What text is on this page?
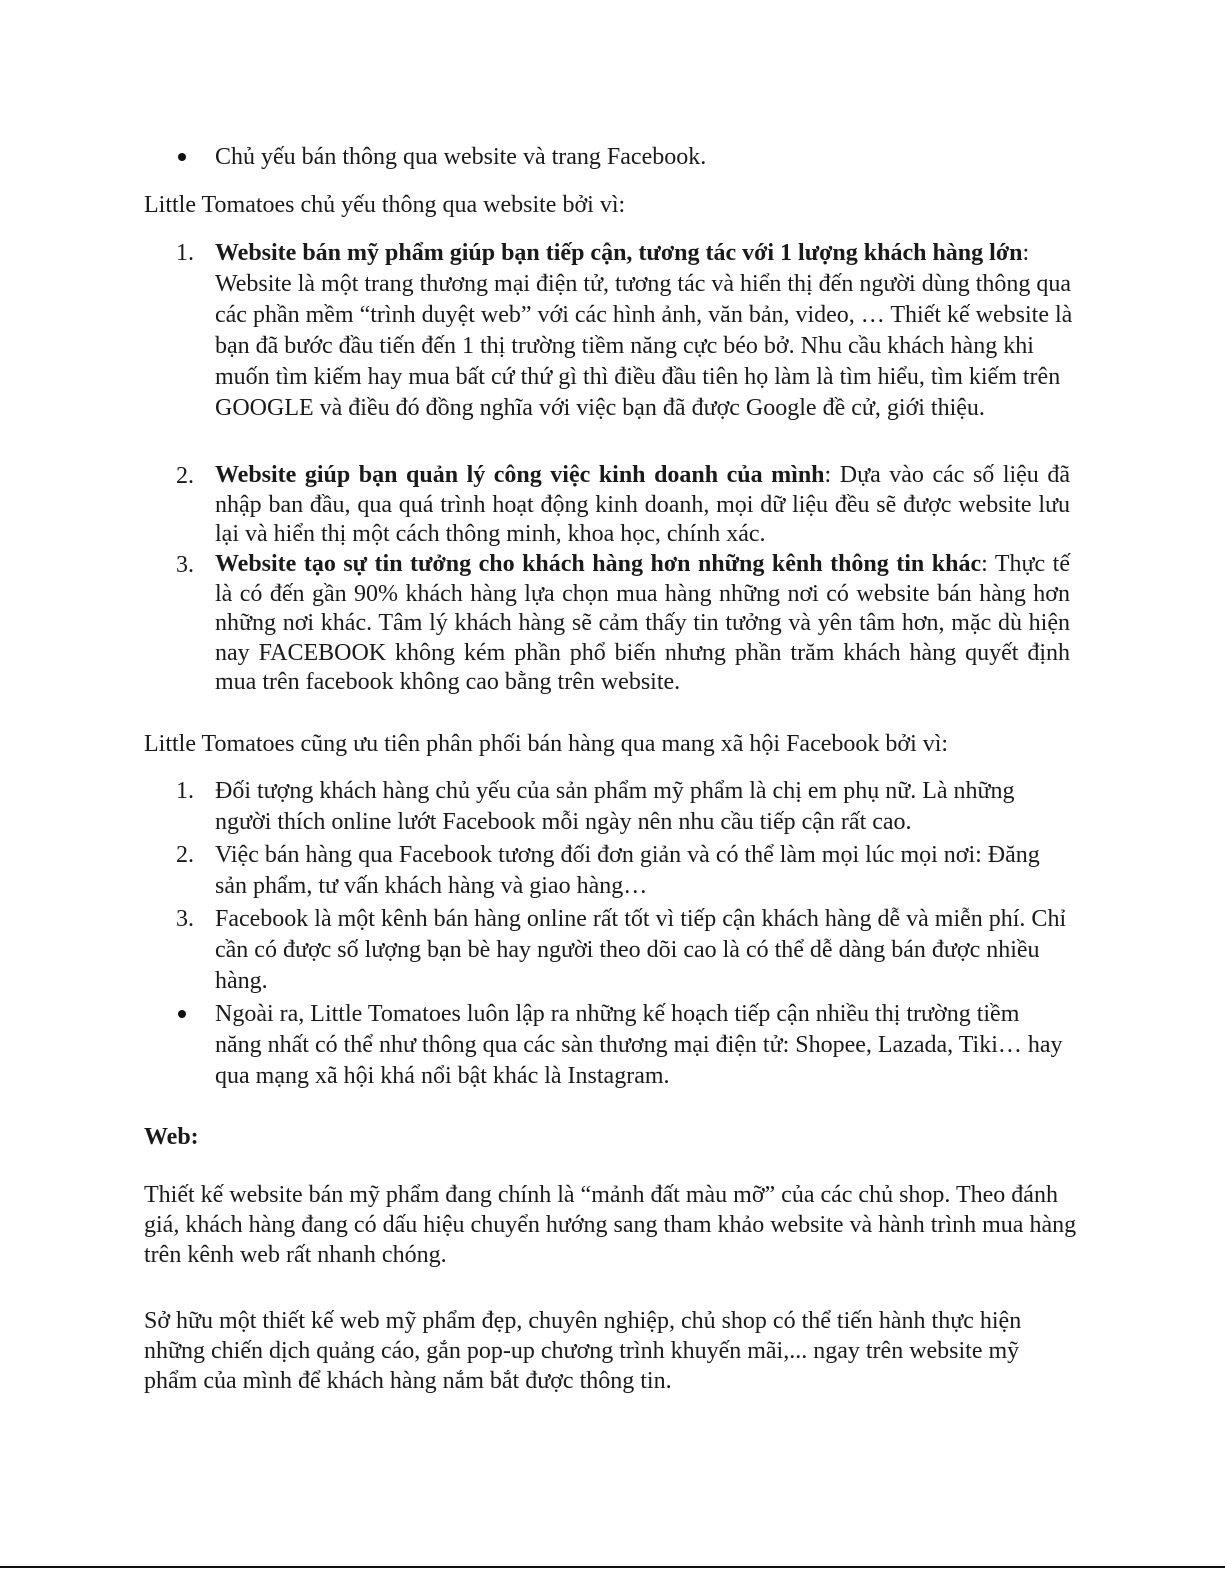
Chủ yếu bán thông qua website và trang Facebook.
Little Tomatoes chủ yếu thông qua website bởi vì:
1. Website bán mỹ phẩm giúp bạn tiếp cận, tương tác với 1 lượng khách hàng lớn: Website là một trang thương mại điện tử, tương tác và hiển thị đến người dùng thông qua các phần mềm “trình duyệt web” với các hình ảnh, văn bản, video, … Thiết kế website là bạn đã bước đầu tiến đến 1 thị trường tiềm năng cực béo bở. Nhu cầu khách hàng khi muốn tìm kiếm hay mua bất cứ thứ gì thì điều đầu tiên họ làm là tìm hiểu, tìm kiếm trên GOOGLE và điều đó đồng nghĩa với việc bạn đã được Google đề cử, giới thiệu.
2. Website giúp bạn quản lý công việc kinh doanh của mình: Dựa vào các số liệu đã nhập ban đầu, qua quá trình hoạt động kinh doanh, mọi dữ liệu đều sẽ được website lưu lại và hiển thị một cách thông minh, khoa học, chính xác.
3. Website tạo sự tin tưởng cho khách hàng hơn những kênh thông tin khác: Thực tế là có đến gần 90% khách hàng lựa chọn mua hàng những nơi có website bán hàng hơn những nơi khác. Tâm lý khách hàng sẽ cảm thấy tin tưởng và yên tâm hơn, mặc dù hiện nay FACEBOOK không kém phần phổ biến nhưng phần trăm khách hàng quyết định mua trên facebook không cao bằng trên website.
Little Tomatoes cũng ưu tiên phân phối bán hàng qua mang xã hội Facebook bởi vì:
1. Đối tượng khách hàng chủ yếu của sản phẩm mỹ phẩm là chị em phụ nữ. Là những người thích online lướt Facebook mỗi ngày nên nhu cầu tiếp cận rất cao.
2. Việc bán hàng qua Facebook tương đối đơn giản và có thể làm mọi lúc mọi nơi: Đăng sản phẩm, tư vấn khách hàng và giao hàng…
3. Facebook là một kênh bán hàng online rất tốt vì tiếp cận khách hàng dễ và miễn phí. Chỉ cần có được số lượng bạn bè hay người theo dõi cao là có thể dễ dàng bán được nhiều hàng.
Ngoài ra, Little Tomatoes luôn lập ra những kế hoạch tiếp cận nhiều thị trường tiềm năng nhất có thể như thông qua các sàn thương mại điện tử: Shopee, Lazada, Tiki… hay qua mạng xã hội khá nổi bật khác là Instagram.
Web:
Thiết kế website bán mỹ phẩm đang chính là “mảnh đất màu mỡ” của các chủ shop. Theo đánh giá, khách hàng đang có dấu hiệu chuyển hướng sang tham khảo website và hành trình mua hàng trên kênh web rất nhanh chóng.
Sở hữu một thiết kế web mỹ phẩm đẹp, chuyên nghiệp, chủ shop có thể tiến hành thực hiện những chiến dịch quảng cáo, gắn pop-up chương trình khuyến mãi,... ngay trên website mỹ phẩm của mình để khách hàng nắm bắt được thông tin.
